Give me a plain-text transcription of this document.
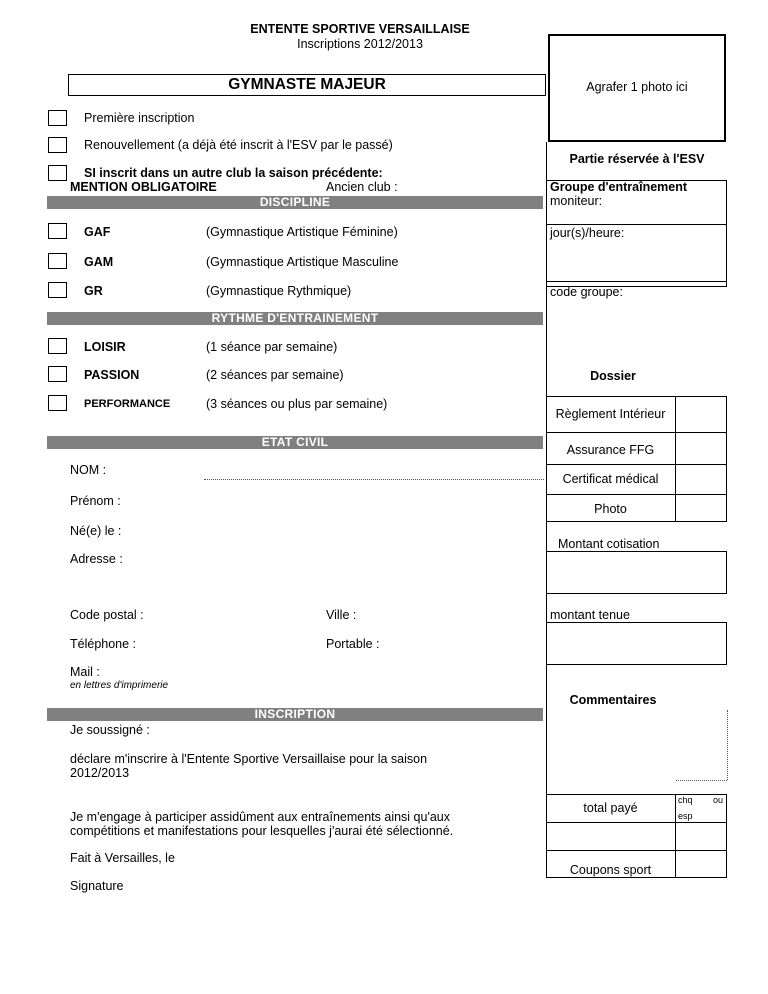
ENTENTE SPORTIVE VERSAILLAISE
Inscriptions 2012/2013
GYMNASTE MAJEUR	Agrafer 1 photo ici
Première inscription
Renouvellement (a déjà été inscrit à l'ESV par le passé)
SI inscrit dans un autre club la saison précédente:
MENTION OBLIGATOIRE	Ancien club :
DISCIPLINE
GAF	(Gymnastique Artistique Féminine)
GAM	(Gymnastique Artistique Masculine
GR	(Gymnastique Rythmique)
RYTHME D'ENTRAINEMENT
LOISIR	(1 séance par semaine)
PASSION	(2 séances par semaine)
PERFORMANCE	(3 séances ou plus par semaine)
ETAT CIVIL
NOM :
Prénom :
Né(e) le :
Adresse :
Code postal :	Ville :
Téléphone :	Portable :
Mail :
en lettres d'imprimerie
INSCRIPTION
Je soussigné :
déclare m'inscrire à l'Entente Sportive Versaillaise pour la saison
2012/2013
Je m'engage à participer assidûment aux entraînements ainsi qu'aux
compétitions et manifestations pour lesquelles j'aurai été sélectionné.
Fait à Versailles, le
Signature
Partie réservée à l'ESV
Groupe d'entraînement
moniteur:
jour(s)/heure:
code groupe:
Dossier
Règlement Intérieur
Assurance FFG
Certificat médical
Photo
Montant cotisation
montant tenue
Commentaires
total payé
chq ou
esp
Coupons sport
